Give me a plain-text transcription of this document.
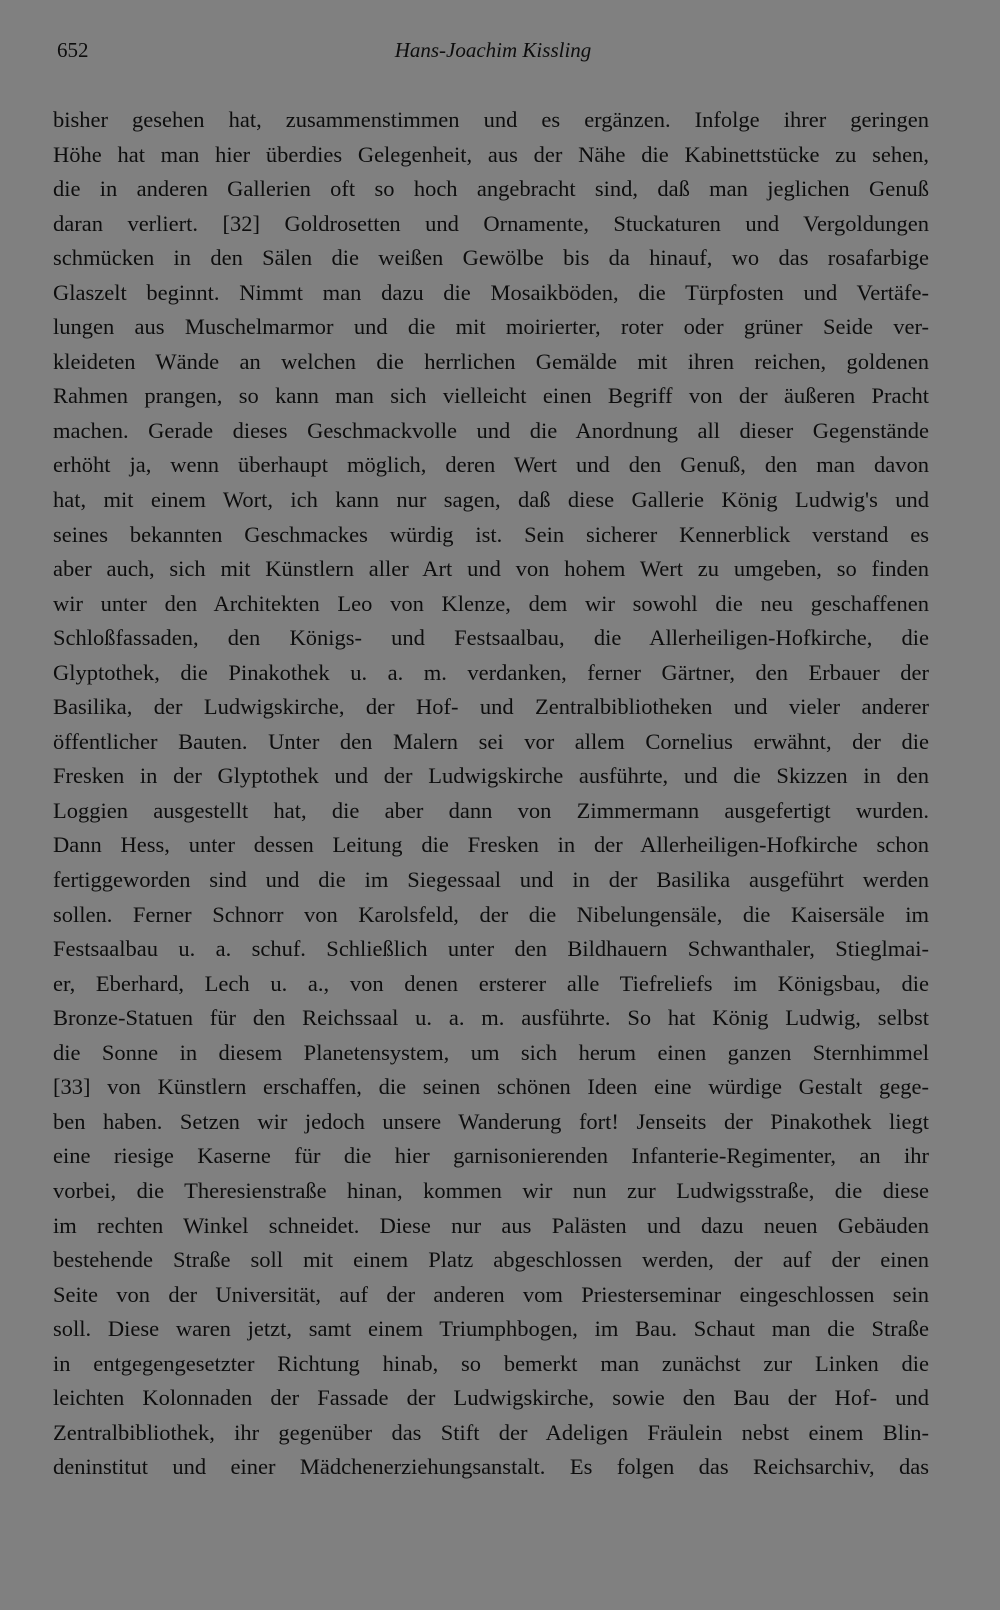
652	Hans-Joachim Kissling
bisher gesehen hat, zusammenstimmen und es ergänzen. Infolge ihrer geringen
Höhe hat man hier überdies Gelegenheit, aus der Nähe die Kabinettstücke zu sehen,
die in anderen Gallerien oft so hoch angebracht sind, daß man jeglichen Genuß
daran verliert. [32] Goldrosetten und Ornamente, Stuckaturen und Vergoldungen
schmücken in den Sälen die weißen Gewölbe bis da hinauf, wo das rosafarbige
Glaszelt beginnt. Nimmt man dazu die Mosaikböden, die Türpfosten und Vertäfe-
lungen aus Muschelmarmor und die mit moirierter, roter oder grüner Seide ver-
kleideten Wände an welchen die herrlichen Gemälde mit ihren reichen, goldenen
Rahmen prangen, so kann man sich vielleicht einen Begriff von der äußeren Pracht
machen. Gerade dieses Geschmackvolle und die Anordnung all dieser Gegenstände
erhöht ja, wenn überhaupt möglich, deren Wert und den Genuß, den man davon
hat, mit einem Wort, ich kann nur sagen, daß diese Gallerie König Ludwig's und
seines bekannten Geschmackes würdig ist. Sein sicherer Kennerblick verstand es
aber auch, sich mit Künstlern aller Art und von hohem Wert zu umgeben, so finden
wir unter den Architekten Leo von Klenze, dem wir sowohl die neu geschaffenen
Schloßfassaden, den Königs- und Festsaalbau, die Allerheiligen-Hofkirche, die
Glyptothek, die Pinakothek u. a. m. verdanken, ferner Gärtner, den Erbauer der
Basilika, der Ludwigskirche, der Hof- und Zentralbibliotheken und vieler anderer
öffentlicher Bauten. Unter den Malern sei vor allem Cornelius erwähnt, der die
Fresken in der Glyptothek und der Ludwigskirche ausführte, und die Skizzen in den
Loggien ausgestellt hat, die aber dann von Zimmermann ausgefertigt wurden.
Dann Hess, unter dessen Leitung die Fresken in der Allerheiligen-Hofkirche schon
fertiggeworden sind und die im Siegessaal und in der Basilika ausgeführt werden
sollen. Ferner Schnorr von Karolsfeld, der die Nibelungensäle, die Kaisersäle im
Festsaalbau u. a. schuf. Schließlich unter den Bildhauern Schwanthaler, Stieglmai-
er, Eberhard, Lech u. a., von denen ersterer alle Tiefreliefs im Königsbau, die
Bronze-Statuen für den Reichssaal u. a. m. ausführte. So hat König Ludwig, selbst
die Sonne in diesem Planetensystem, um sich herum einen ganzen Sternhimmel
[33] von Künstlern erschaffen, die seinen schönen Ideen eine würdige Gestalt gege-
ben haben. Setzen wir jedoch unsere Wanderung fort! Jenseits der Pinakothek liegt
eine riesige Kaserne für die hier garnisonierenden Infanterie-Regimenter, an ihr
vorbei, die Theresienstraße hinan, kommen wir nun zur Ludwigsstraße, die diese
im rechten Winkel schneidet. Diese nur aus Palästen und dazu neuen Gebäuden
bestehende Straße soll mit einem Platz abgeschlossen werden, der auf der einen
Seite von der Universität, auf der anderen vom Priesterseminar eingeschlossen sein
soll. Diese waren jetzt, samt einem Triumphbogen, im Bau. Schaut man die Straße
in entgegengesetzter Richtung hinab, so bemerkt man zunächst zur Linken die
leichten Kolonnaden der Fassade der Ludwigskirche, sowie den Bau der Hof- und
Zentralbibliothek, ihr gegenüber das Stift der Adeligen Fräulein nebst einem Blin-
deninstitut und einer Mädchenerziehungsanstalt. Es folgen das Reichsarchiv, das
